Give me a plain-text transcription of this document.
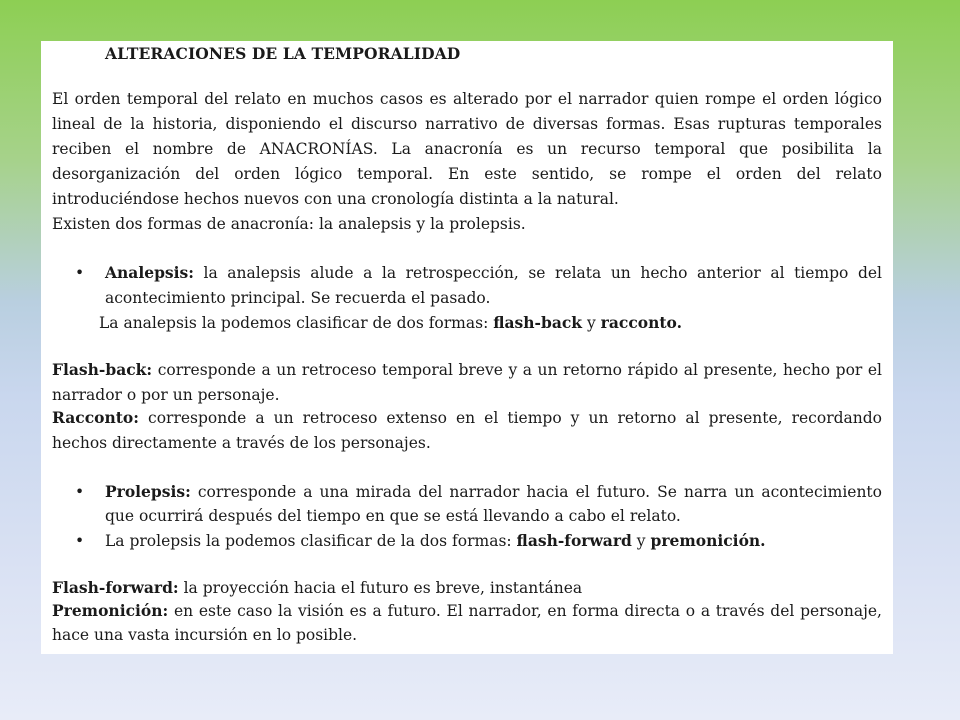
ALTERACIONES DE LA TEMPORALIDAD
El orden temporal del relato en muchos casos es alterado por el narrador quien rompe el orden lógico
lineal de la historia, disponiendo el discurso narrativo de diversas formas. Esas rupturas temporales
reciben el nombre de ANACRONÍAS. La anacronía es un recurso temporal que posibilita la
desorganización del orden lógico temporal. En este sentido, se rompe el orden del relato
introduciéndose hechos nuevos con una cronología distinta a la natural.
Existen dos formas de anacronía: la analepsis y la prolepsis.
• Analepsis: la analepsis alude a la retrospección, se relata un hecho anterior al tiempo del
acontecimiento principal. Se recuerda el pasado.
La analepsis la podemos clasificar de dos formas: flash-back y racconto.
Flash-back: corresponde a un retroceso temporal breve y a un retorno rápido al presente, hecho por el
narrador o por un personaje.
Racconto: corresponde a un retroceso extenso en el tiempo y un retorno al presente, recordando
hechos directamente a través de los personajes.
• Prolepsis: corresponde a una mirada del narrador hacia el futuro. Se narra un acontecimiento
que ocurrirá después del tiempo en que se está llevando a cabo el relato.
• La prolepsis la podemos clasificar de la dos formas: flash-forward y premonición.
Flash-forward: la proyección hacia el futuro es breve, instantánea
Premonición: en este caso la visión es a futuro. El narrador, en forma directa o a través del personaje,
hace una vasta incursión en lo posible.
